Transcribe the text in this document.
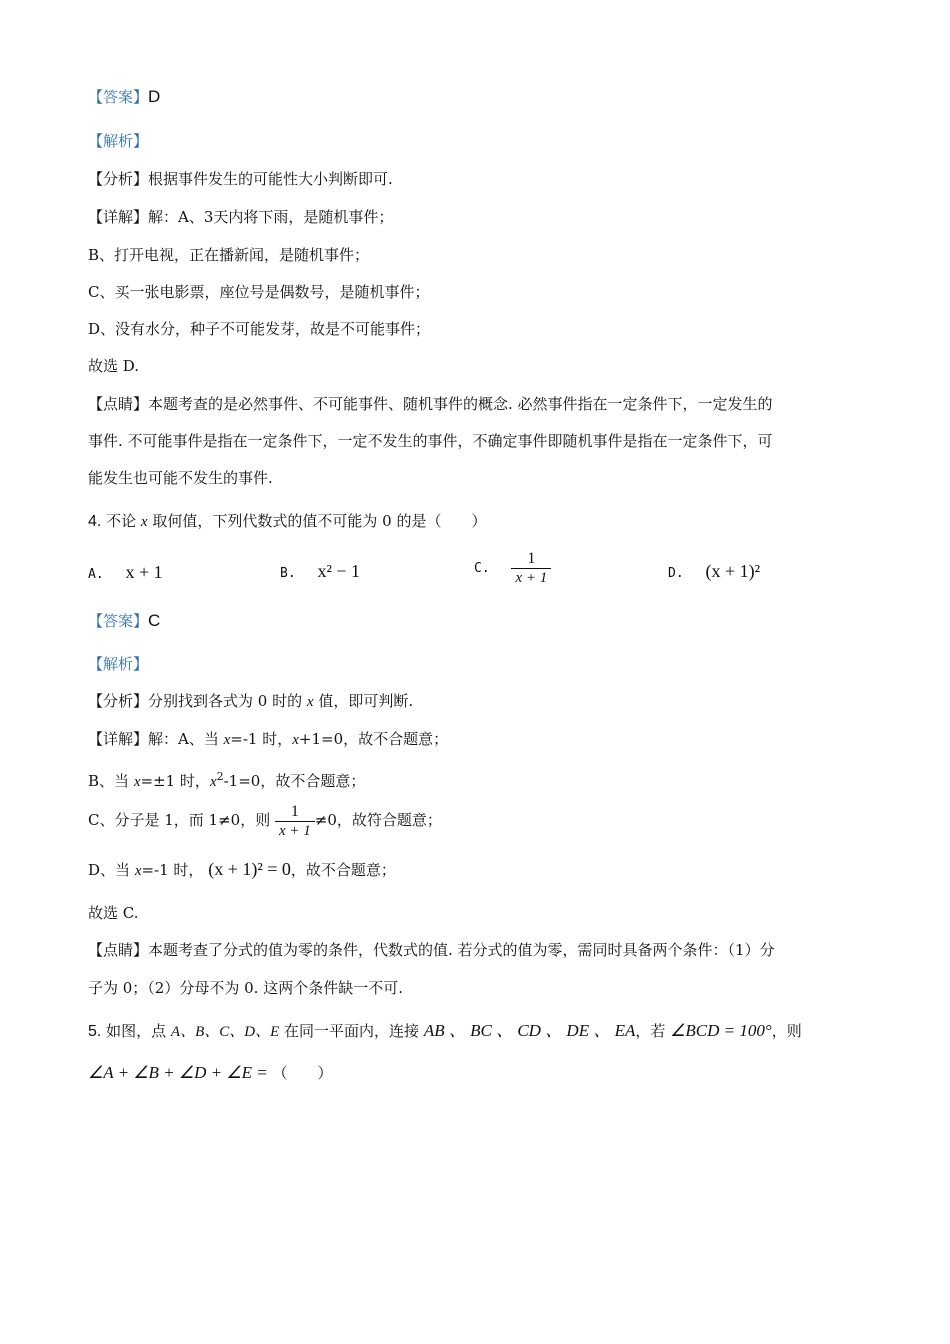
【答案】D
【解析】
【分析】根据事件发生的可能性大小判断即可.
【详解】解：A、3天内将下雨，是随机事件；
B、打开电视，正在播新闻，是随机事件；
C、买一张电影票，座位号是偶数号，是随机事件；
D、没有水分，种子不可能发芽，故是不可能事件；
故选 D.
【点睛】本题考查的是必然事件、不可能事件、随机事件的概念. 必然事件指在一定条件下，一定发生的
事件. 不可能事件是指在一定条件下，一定不发生的事件，不确定事件即随机事件是指在一定条件下，可
能发生也可能不发生的事件.
4. 不论 x 取何值，下列代数式的值不可能为 0 的是（　　）
A. x + 1	B. x² − 1	C. $\frac{1}{x + 1}$	D. (x + 1)²
【答案】C
【解析】
【分析】分别找到各式为 0 时的 x 值，即可判断.
【详解】解：A、当 x=-1 时，x+1=0，故不合题意；
B、当 x=±1 时，$x^2-1=0$，故不合题意；
C、分子是 1，而 1≠0，则 $\frac{1}{x + 1} \ne 0$，故符合题意；
D、当 x=-1 时， (x + 1)² = 0，故不合题意；
故选 C.
【点睛】本题考查了分式的值为零的条件，代数式的值. 若分式的值为零，需同时具备两个条件：（1）分
子为 0；（2）分母不为 0. 这两个条件缺一不可.
5. 如图，点 A、B、C、D、E 在同一平面内，连接 AB 、 BC 、 CD 、 DE 、 EA，若 ∠BCD = 100°，则
∠A + ∠B + ∠D + ∠E = （　　）
